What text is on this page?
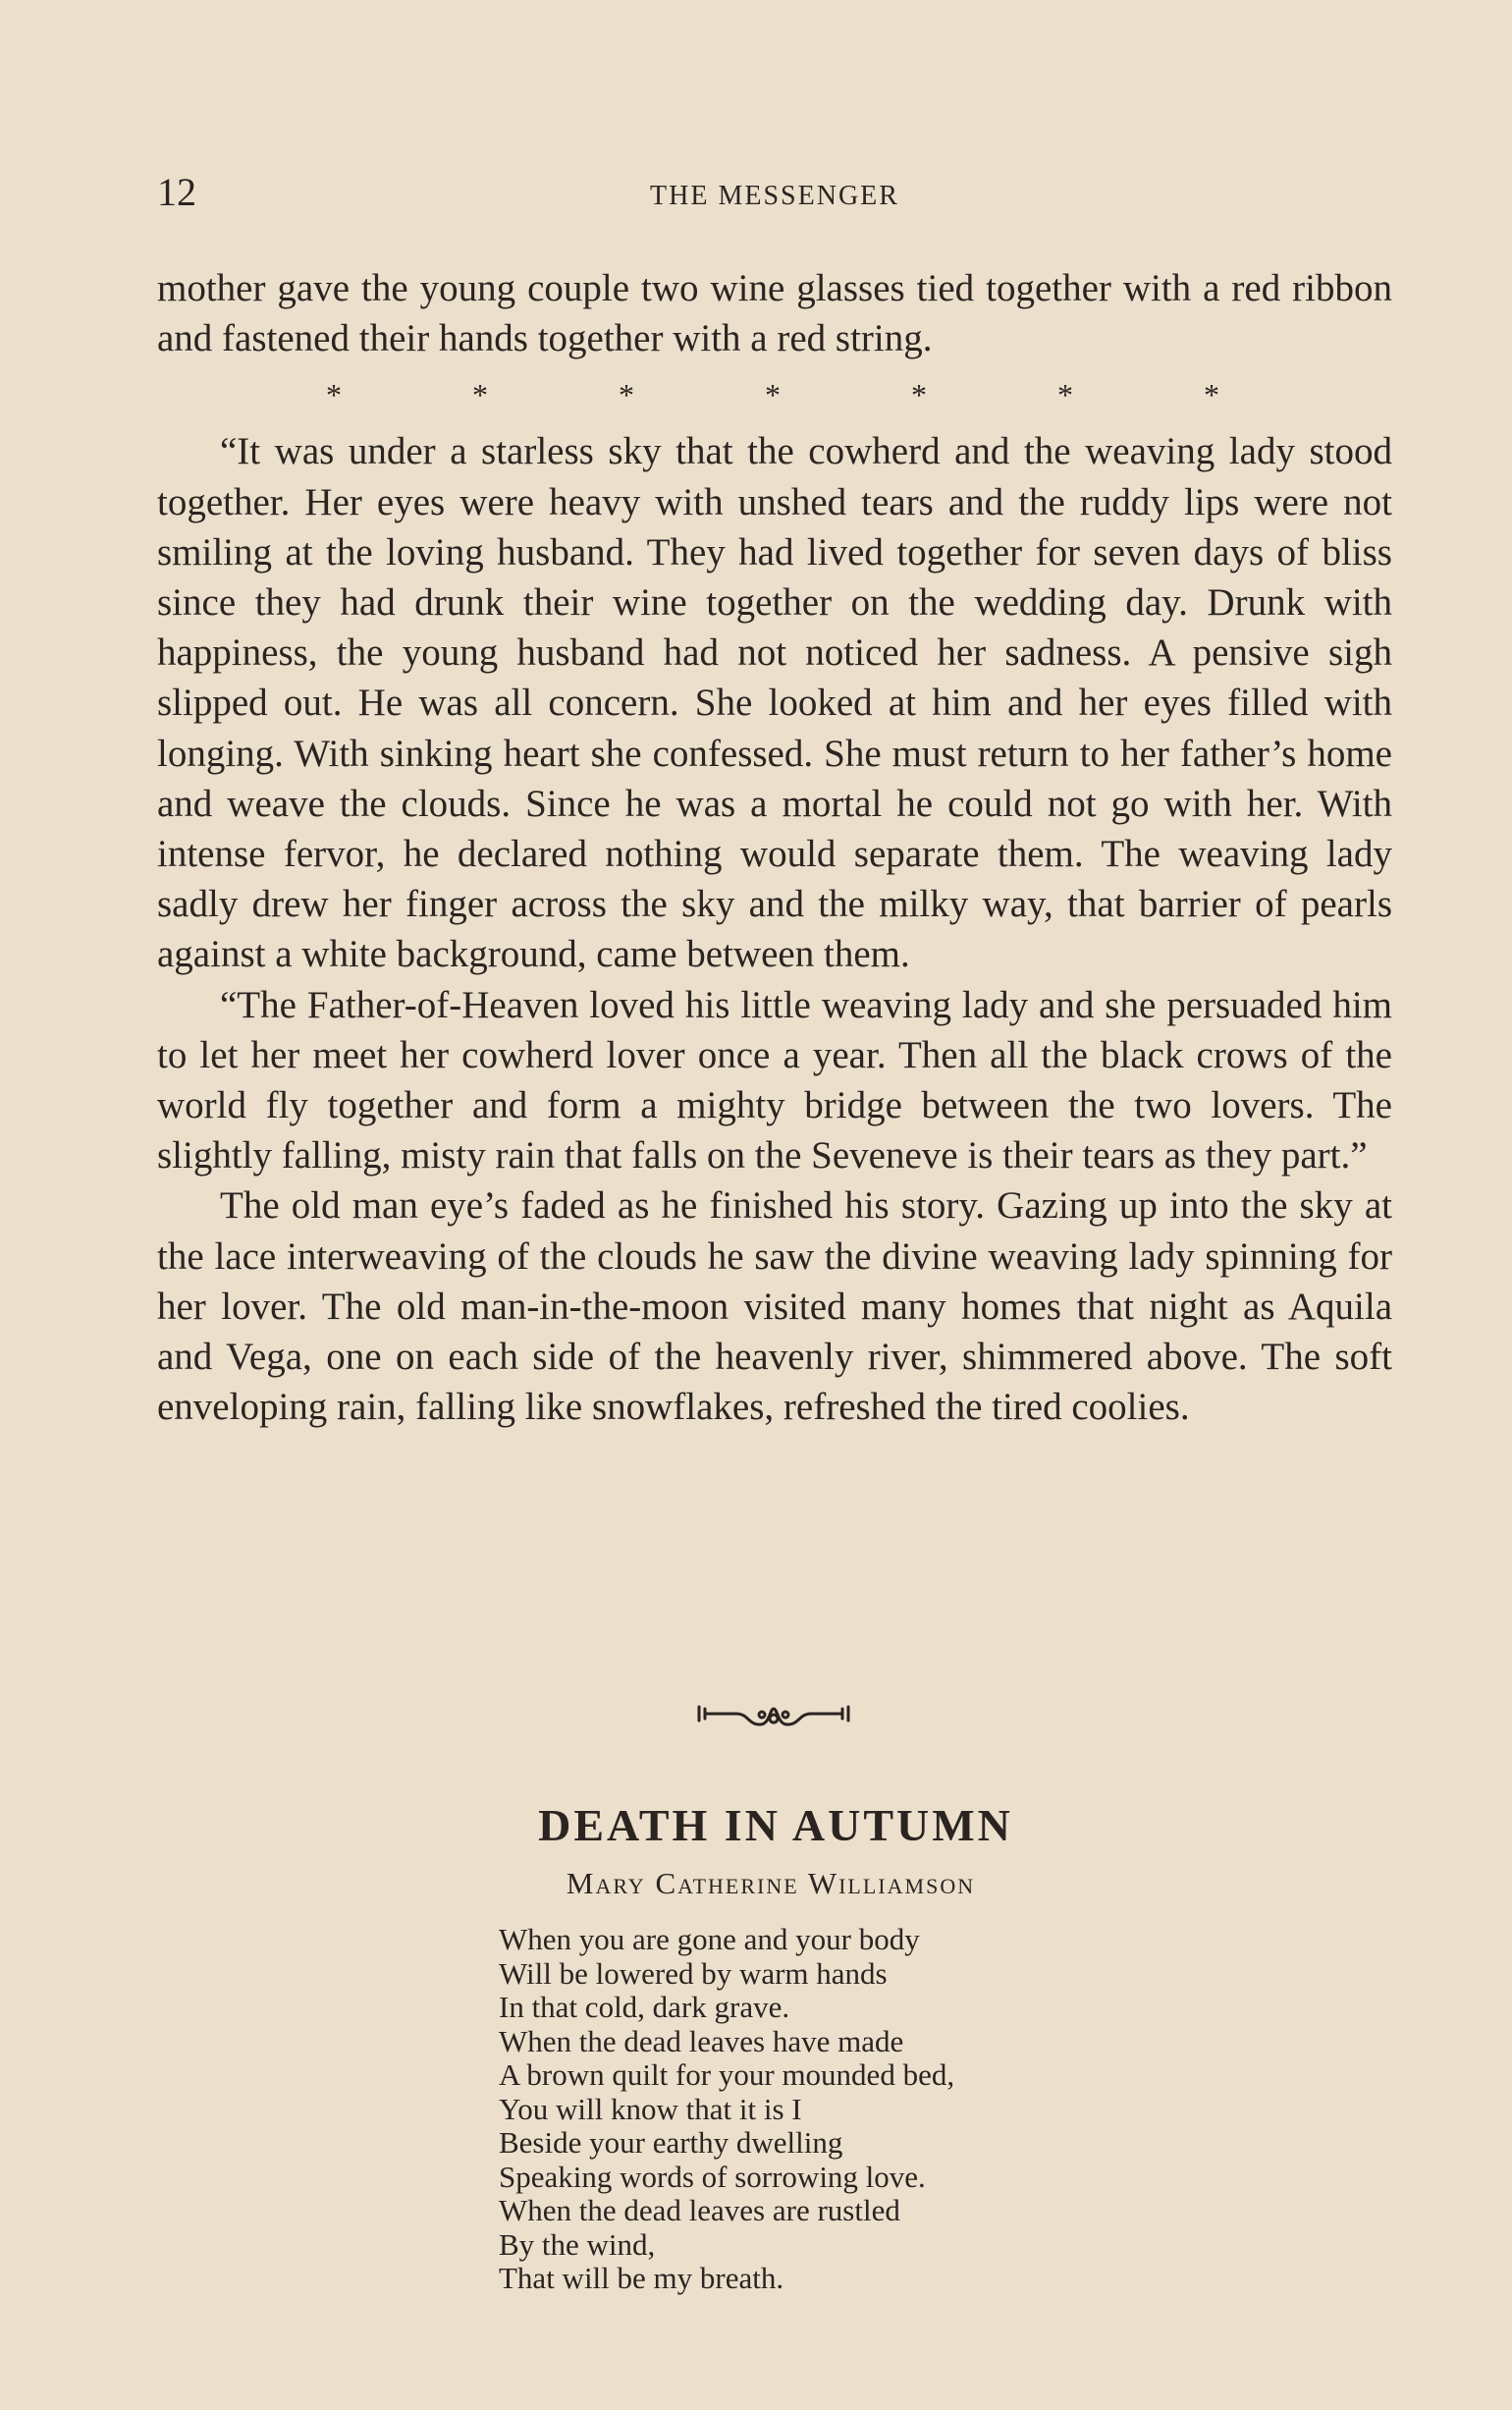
12	THE MESSENGER

mother gave the young couple two wine glasses tied together with a red ribbon and fastened their hands together with a red string.

*	*	*	*	*	*	*

“It was under a starless sky that the cowherd and the weaving lady stood together. Her eyes were heavy with unshed tears and the ruddy lips were not smiling at the loving husband. They had lived together for seven days of bliss since they had drunk their wine together on the wedding day. Drunk with happiness, the young husband had not noticed her sadness. A pensive sigh slipped out. He was all concern. She looked at him and her eyes filled with longing. With sinking heart she confessed. She must return to her father’s home and weave the clouds. Since he was a mortal he could not go with her. With intense fervor, he declared nothing would separate them. The weaving lady sadly drew her finger across the sky and the milky way, that barrier of pearls against a white background, came between them.

“The Father-of-Heaven loved his little weaving lady and she persuaded him to let her meet her cowherd lover once a year. Then all the black crows of the world fly together and form a mighty bridge between the two lovers. The slightly falling, misty rain that falls on the Seveneve is their tears as they part.”

The old man eye’s faded as he finished his story. Gazing up into the sky at the lace interweaving of the clouds he saw the divine weaving lady spinning for her lover. The old man-in-the-moon visited many homes that night as Aquila and Vega, one on each side of the heavenly river, shimmered above. The soft enveloping rain, falling like snowflakes, refreshed the tired coolies.

DEATH IN AUTUMN
Mary Catherine Williamson
When you are gone and your body
Will be lowered by warm hands
In that cold, dark grave.
When the dead leaves have made
A brown quilt for your mounded bed,
You will know that it is I
Beside your earthy dwelling
Speaking words of sorrowing love.
When the dead leaves are rustled
By the wind,
That will be my breath.
